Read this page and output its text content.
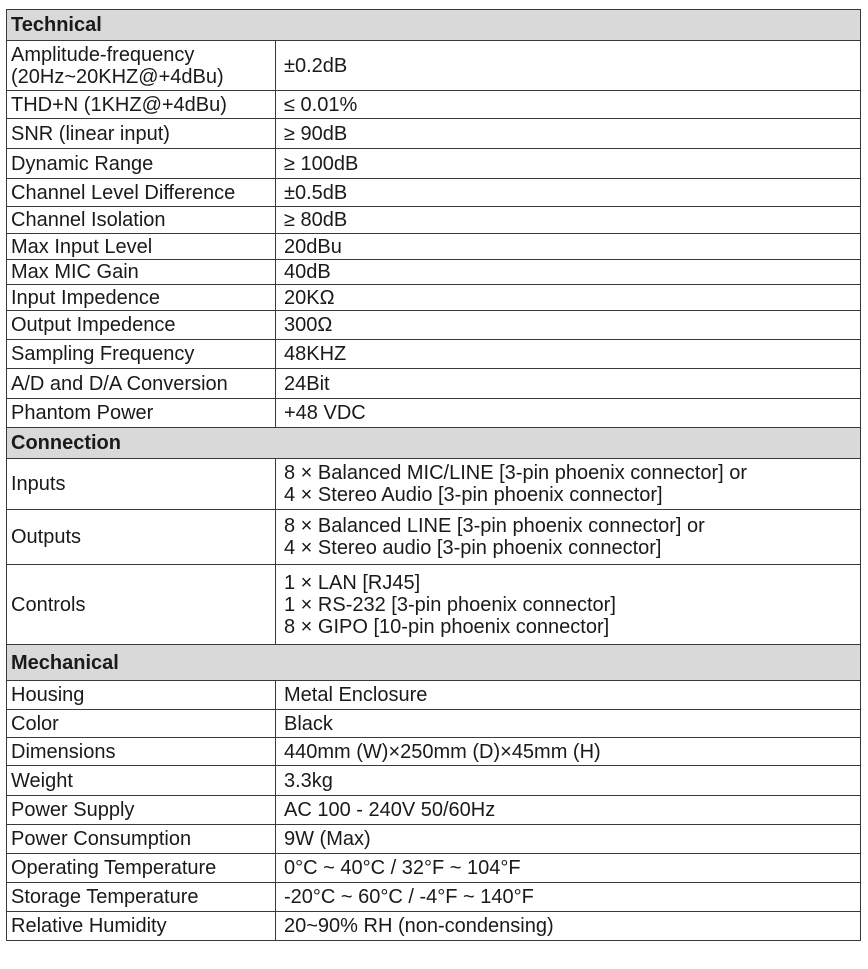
Technical	

Amplitude-frequency
(20Hz~20KHZ@+4dBu)	±0.2dB

THD+N (1KHZ@+4dBu)	≤ 0.01%

SNR (linear input)	≥ 90dB

Dynamic Range	≥ 100dB

Channel Level Difference	±0.5dB

Channel Isolation	≥ 80dB

Max Input Level	20dBu

Max MIC Gain	40dB

Input Impedence	20KΩ

Output Impedence	300Ω

Sampling Frequency	48KHZ

A/D and D/A Conversion	24Bit

Phantom Power	+48 VDC

Connection	

Inputs	8 × Balanced MIC/LINE [3-pin phoenix connector] or
4 × Stereo Audio [3-pin phoenix connector]

Outputs	8 × Balanced LINE [3-pin phoenix connector] or
4 × Stereo audio [3-pin phoenix connector]

Controls	1 × LAN [RJ45]
1 × RS-232 [3-pin phoenix connector]
8 × GIPO [10-pin phoenix connector]

Mechanical	

Housing	Metal Enclosure

Color	Black

Dimensions	440mm (W)×250mm (D)×45mm (H)

Weight	3.3kg

Power Supply	AC 100 - 240V 50/60Hz

Power Consumption	9W (Max)

Operating Temperature	0°C ~ 40°C / 32°F ~ 104°F

Storage Temperature	-20°C ~ 60°C / -4°F ~ 140°F

Relative Humidity	20~90% RH (non-condensing)
